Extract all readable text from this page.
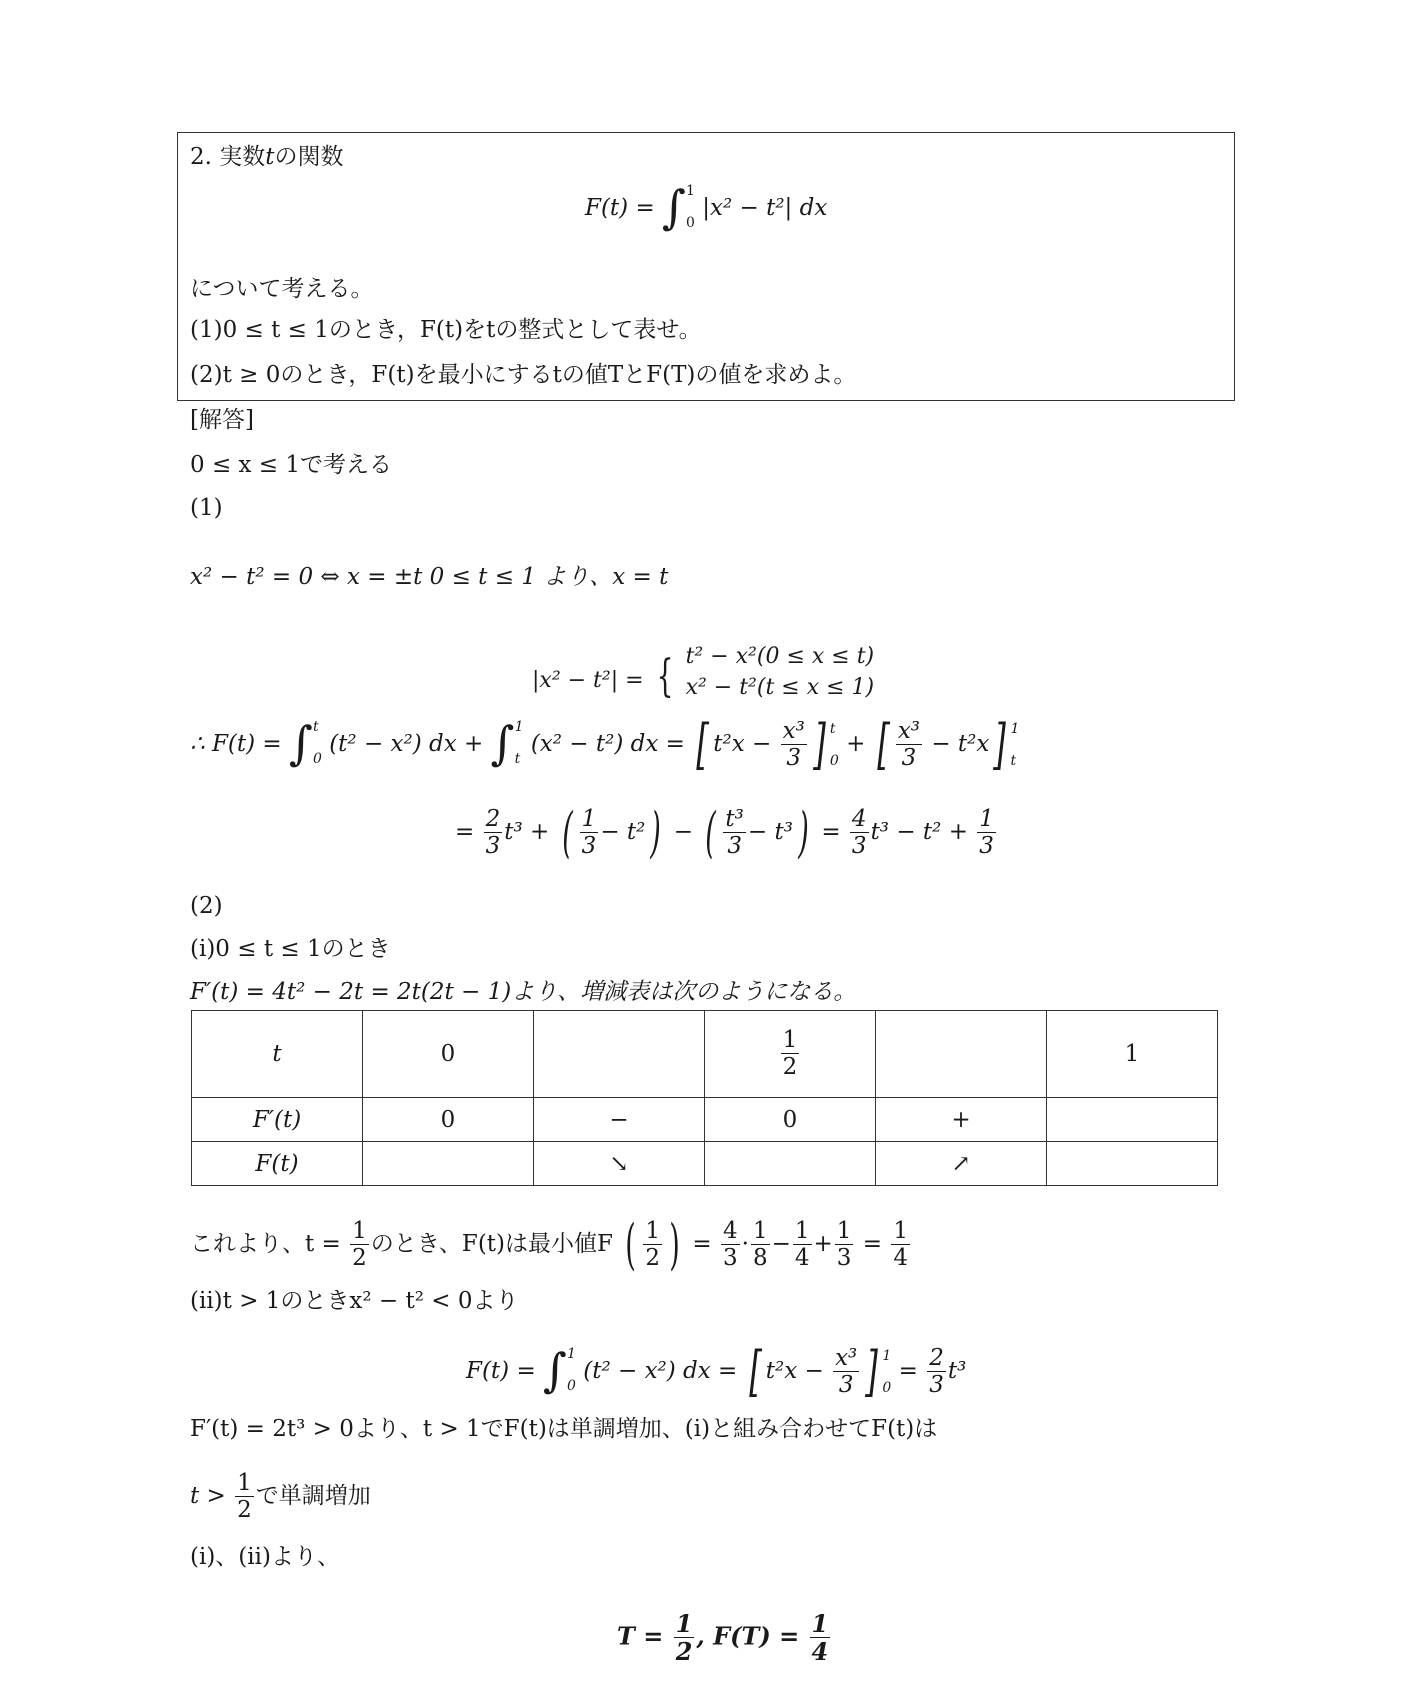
2. 実数tの関数
F(t) = ∫ 1
0
|x² − t²| dx
について考える。
(1)0 ≤ t ≤ 1のとき，F(t)をtの整式として表せ。
(2)t ≥ 0のとき，F(t)を最小にするtの値TとF(T)の値を求めよ。
[解答]
0 ≤ x ≤ 1で考える
(1)
x² − t² = 0 ⇔ x = ±t 0 ≤ t ≤ 1 より、x = t
|x² − t²| = { t² − x²(0 ≤ x ≤ t)
x² − t²(t ≤ x ≤ 1)
∴ F(t) = ∫ t
0
(t² − x²) dx + ∫ 1
t
(x² − t²) dx = [ $t^2x - \frac{\text{x³}}{3}$ ] t
0
+ [ $\frac{\text{x³}}{3} - t^2x$] 1
t
= $\frac{2}{3} t^3$ + ( $\frac{1}{3} - t^2$) − ( $\frac{\text{t³}}{3} - t^3) = \frac{4}{3} t^3 - t^2 + \frac{1}{3}$
(2)
(ⅰ)0 ≤ t ≤ 1のとき
F′(t) = 4t² − 2t = 2t(2t − 1)より、増減表は次のようになる。
t	0		$\frac{1}{2}$		1
F′(t)	0	−	0	+	
F(t)		↘		↗	
これより、$t = \frac{1}{2}$ のとき、F(t)は最小値F ( $\frac{1}{2}$ ) = $\frac{4}{3} \cdot \frac{1}{8} - \frac{1}{4} + \frac{1}{3} = \frac{1}{4}$
(ⅱ)t > 1のときx² − t² < 0より
F(t) = ∫ 1
0
(t² − x²) dx = [ $t^2x - \frac{\text{x³}}{3}$ ] 1
0
= $\frac{2}{3} t^3$
F′(t) = 2t³ > 0より、t > 1でF(t)は単調増加、(ⅰ)と組み合わせてF(t)は
$t > \frac{1}{2}$ で単調増加
(ⅰ)、(ⅱ)より、
$T = \frac{1}{2}$ , $F(T) = \frac{1}{4}$
